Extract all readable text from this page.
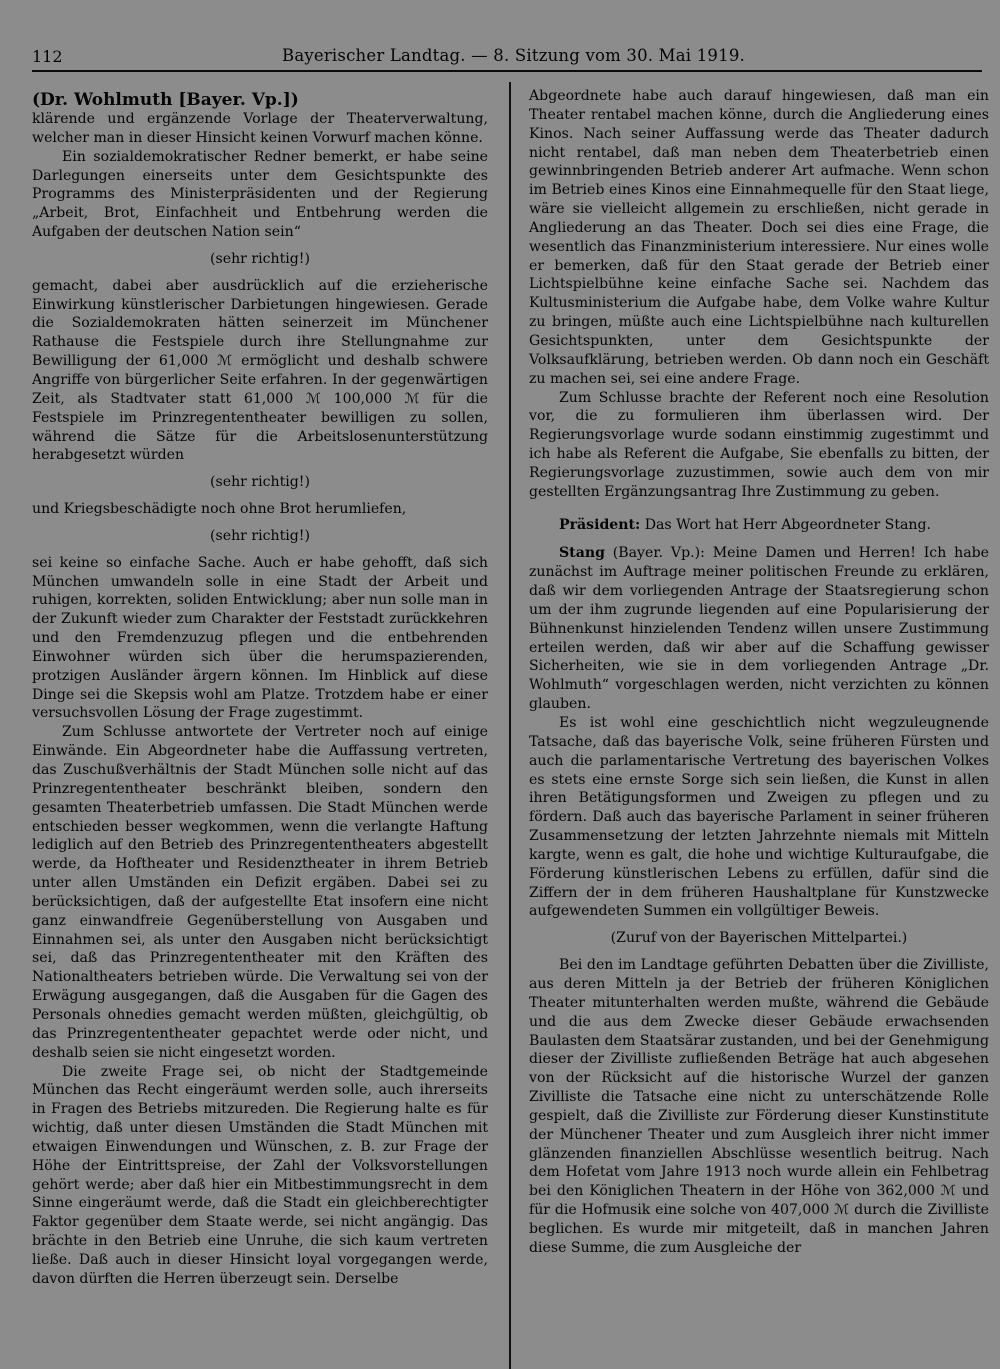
112	Bayerischer Landtag. — 8. Sitzung vom 30. Mai 1919.

(Dr. Wohlmuth [Bayer. Vp.])

klärende und ergänzende Vorlage der Theaterverwaltung, welcher man in dieser Hinsicht keinen Vorwurf machen könne.

Ein sozialdemokratischer Redner bemerkt, er habe seine Darlegungen einerseits unter dem Gesichtspunkte des Programms des Ministerpräsidenten und der Regierung „Arbeit, Brot, Einfachheit und Entbehrung werden die Aufgaben der deutschen Nation sein“

(sehr richtig!)

gemacht, dabei aber ausdrücklich auf die erzieherische Einwirkung künstlerischer Darbietungen hingewiesen. Gerade die Sozialdemokraten hätten seinerzeit im Münchener Rathause die Festspiele durch ihre Stellungnahme zur Bewilligung der 61,000 ℳ ermöglicht und deshalb schwere Angriffe von bürgerlicher Seite erfahren. In der gegenwärtigen Zeit, als Stadtvater statt 61,000 ℳ 100,000 ℳ für die Festspiele im Prinzregententheater bewilligen zu sollen, während die Sätze für die Arbeitslosenunterstützung herabgesetzt würden

(sehr richtig!)

und Kriegsbeschädigte noch ohne Brot herumliefen,

(sehr richtig!)

sei keine so einfache Sache. Auch er habe gehofft, daß sich München umwandeln solle in eine Stadt der Arbeit und ruhigen, korrekten, soliden Entwicklung; aber nun solle man in der Zukunft wieder zum Charakter der Feststadt zurückkehren und den Fremdenzuzug pflegen und die entbehrenden Einwohner würden sich über die herumspazierenden, protzigen Ausländer ärgern können. Im Hinblick auf diese Dinge sei die Skepsis wohl am Platze. Trotzdem habe er einer versuchsvollen Lösung der Frage zugestimmt.

Zum Schlusse antwortete der Vertreter noch auf einige Einwände. Ein Abgeordneter habe die Auffassung vertreten, das Zuschußverhältnis der Stadt München solle nicht auf das Prinzregententheater beschränkt bleiben, sondern den gesamten Theaterbetrieb umfassen. Die Stadt München werde entschieden besser wegkommen, wenn die verlangte Haftung lediglich auf den Betrieb des Prinzregententheaters abgestellt werde, da Hoftheater und Residenztheater in ihrem Betrieb unter allen Umständen ein Defizit ergäben. Dabei sei zu berücksichtigen, daß der aufgestellte Etat insofern eine nicht ganz einwandfreie Gegenüberstellung von Ausgaben und Einnahmen sei, als unter den Ausgaben nicht berücksichtigt sei, daß das Prinzregententheater mit den Kräften des Nationaltheaters betrieben würde. Die Verwaltung sei von der Erwägung ausgegangen, daß die Ausgaben für die Gagen des Personals ohnedies gemacht werden müßten, gleichgültig, ob das Prinzregententheater gepachtet werde oder nicht, und deshalb seien sie nicht eingesetzt worden.

Die zweite Frage sei, ob nicht der Stadtgemeinde München das Recht eingeräumt werden solle, auch ihrerseits in Fragen des Betriebs mitzureden. Die Regierung halte es für wichtig, daß unter diesen Umständen die Stadt München mit etwaigen Einwendungen und Wünschen, z. B. zur Frage der Höhe der Eintrittspreise, der Zahl der Volksvorstellungen gehört werde; aber daß hier ein Mitbestimmungsrecht in dem Sinne eingeräumt werde, daß die Stadt ein gleichberechtigter Faktor gegenüber dem Staate werde, sei nicht angängig. Das brächte in den Betrieb eine Unruhe, die sich kaum vertreten ließe. Daß auch in dieser Hinsicht loyal vorgegangen werde, davon dürften die Herren überzeugt sein. Derselbe

Abgeordnete habe auch darauf hingewiesen, daß man ein Theater rentabel machen könne, durch die Angliederung eines Kinos. Nach seiner Auffassung werde das Theater dadurch nicht rentabel, daß man neben dem Theaterbetrieb einen gewinnbringenden Betrieb anderer Art aufmache. Wenn schon im Betrieb eines Kinos eine Einnahmequelle für den Staat liege, wäre sie vielleicht allgemein zu erschließen, nicht gerade in Angliederung an das Theater. Doch sei dies eine Frage, die wesentlich das Finanzministerium interessiere. Nur eines wolle er bemerken, daß für den Staat gerade der Betrieb einer Lichtspielbühne keine einfache Sache sei. Nachdem das Kultusministerium die Aufgabe habe, dem Volke wahre Kultur zu bringen, müßte auch eine Lichtspielbühne nach kulturellen Gesichtspunkten, unter dem Gesichtspunkte der Volksaufklärung, betrieben werden. Ob dann noch ein Geschäft zu machen sei, sei eine andere Frage.

Zum Schlusse brachte der Referent noch eine Resolution vor, die zu formulieren ihm überlassen wird. Der Regierungsvorlage wurde sodann einstimmig zugestimmt und ich habe als Referent die Aufgabe, Sie ebenfalls zu bitten, der Regierungsvorlage zuzustimmen, sowie auch dem von mir gestellten Ergänzungsantrag Ihre Zustimmung zu geben.

Präsident: Das Wort hat Herr Abgeordneter Stang.

Stang (Bayer. Vp.): Meine Damen und Herren! Ich habe zunächst im Auftrage meiner politischen Freunde zu erklären, daß wir dem vorliegenden Antrage der Staatsregierung schon um der ihm zugrunde liegenden auf eine Popularisierung der Bühnenkunst hinzielenden Tendenz willen unsere Zustimmung erteilen werden, daß wir aber auf die Schaffung gewisser Sicherheiten, wie sie in dem vorliegenden Antrage „Dr. Wohlmuth“ vorgeschlagen werden, nicht verzichten zu können glauben.

Es ist wohl eine geschichtlich nicht wegzuleugnende Tatsache, daß das bayerische Volk, seine früheren Fürsten und auch die parlamentarische Vertretung des bayerischen Volkes es stets eine ernste Sorge sich sein ließen, die Kunst in allen ihren Betätigungsformen und Zweigen zu pflegen und zu fördern. Daß auch das bayerische Parlament in seiner früheren Zusammensetzung der letzten Jahrzehnte niemals mit Mitteln kargte, wenn es galt, die hohe und wichtige Kulturaufgabe, die Förderung künstlerischen Lebens zu erfüllen, dafür sind die Ziffern der in dem früheren Haushaltplane für Kunstzwecke aufgewendeten Summen ein vollgültiger Beweis.

(Zuruf von der Bayerischen Mittelpartei.)

Bei den im Landtage geführten Debatten über die Zivilliste, aus deren Mitteln ja der Betrieb der früheren Königlichen Theater mitunterhalten werden mußte, während die Gebäude und die aus dem Zwecke dieser Gebäude erwachsenden Baulasten dem Staatsärar zustanden, und bei der Genehmigung dieser der Zivilliste zufließenden Beträge hat auch abgesehen von der Rücksicht auf die historische Wurzel der ganzen Zivilliste die Tatsache eine nicht zu unterschätzende Rolle gespielt, daß die Zivilliste zur Förderung dieser Kunstinstitute der Münchener Theater und zum Ausgleich ihrer nicht immer glänzenden finanziellen Abschlüsse wesentlich beitrug. Nach dem Hofetat vom Jahre 1913 noch wurde allein ein Fehlbetrag bei den Königlichen Theatern in der Höhe von 362,000 ℳ und für die Hofmusik eine solche von 407,000 ℳ durch die Zivilliste beglichen. Es wurde mir mitgeteilt, daß in manchen Jahren diese Summe, die zum Ausgleiche der
